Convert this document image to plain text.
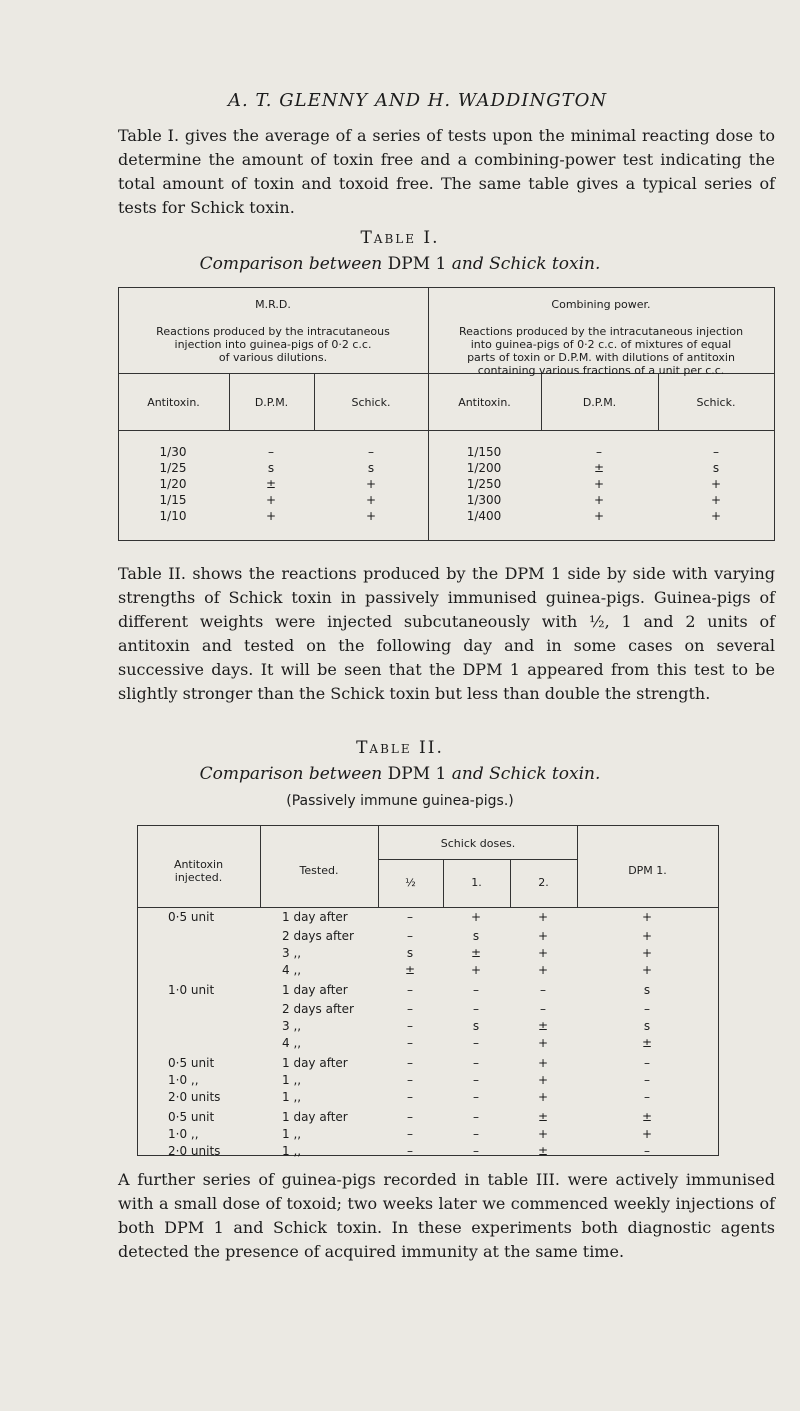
A. T. GLENNY AND H. WADDINGTON
Table I. gives the average of a series of tests upon the minimal reacting dose to determine the amount of toxin free and a combining-power test indicating the total amount of toxin and toxoid free. The same table gives a typical series of tests for Schick toxin.
Table I.
Comparison between DPM 1 and Schick toxin.
M.R.D.
Reactions produced by the intracutaneous
injection into guinea-pigs of 0·2 c.c.
of various dilutions.
Combining power.
Reactions produced by the intracutaneous injection
into guinea-pigs of 0·2 c.c. of mixtures of equal
parts of toxin or D.P.M. with dilutions of antitoxin
containing various fractions of a unit per c.c.
Antitoxin.	D.P.M.	Schick.	Antitoxin.	D.P.M.	Schick.
1/30	–	–	1/150	–	–
1/25	s	s	1/200	±	s
1/20	±	+	1/250	+	+
1/15	+	+	1/300	+	+
1/10	+	+	1/400	+	+
Table II. shows the reactions produced by the DPM 1 side by side with varying strengths of Schick toxin in passively immunised guinea-pigs. Guinea-pigs of different weights were injected subcutaneously with ½, 1 and 2 units of antitoxin and tested on the following day and in some cases on several successive days. It will be seen that the DPM 1 appeared from this test to be slightly stronger than the Schick toxin but less than double the strength.
Table II.
Comparison between DPM 1 and Schick toxin.
(Passively immune guinea-pigs.)
Antitoxin
injected.
Tested.
Schick doses.
½	1.	2.
DPM 1.
0·5 unit	1 day after	–	+	+	+
2 days after	–	s	+	+
3 ,,	s	±	+	+
4 ,,	±	+	+	+
1·0 unit	1 day after	–	–	–	s
2 days after	–	–	–	–
3 ,,	–	s	±	s
4 ,,	–	–	+	±
0·5 unit	1 day after	–	–	+	–
1·0 ,,	1 ,,	–	–	+	–
2·0 units	1 ,,	–	–	+	–
0·5 unit	1 day after	–	–	±	±
1·0 ,,	1 ,,	–	–	+	+
2·0 units	1 ,,	–	–	±	–
A further series of guinea-pigs recorded in table III. were actively immunised with a small dose of toxoid; two weeks later we commenced weekly injections of both DPM 1 and Schick toxin. In these experiments both diagnostic agents detected the presence of acquired immunity at the same time.
